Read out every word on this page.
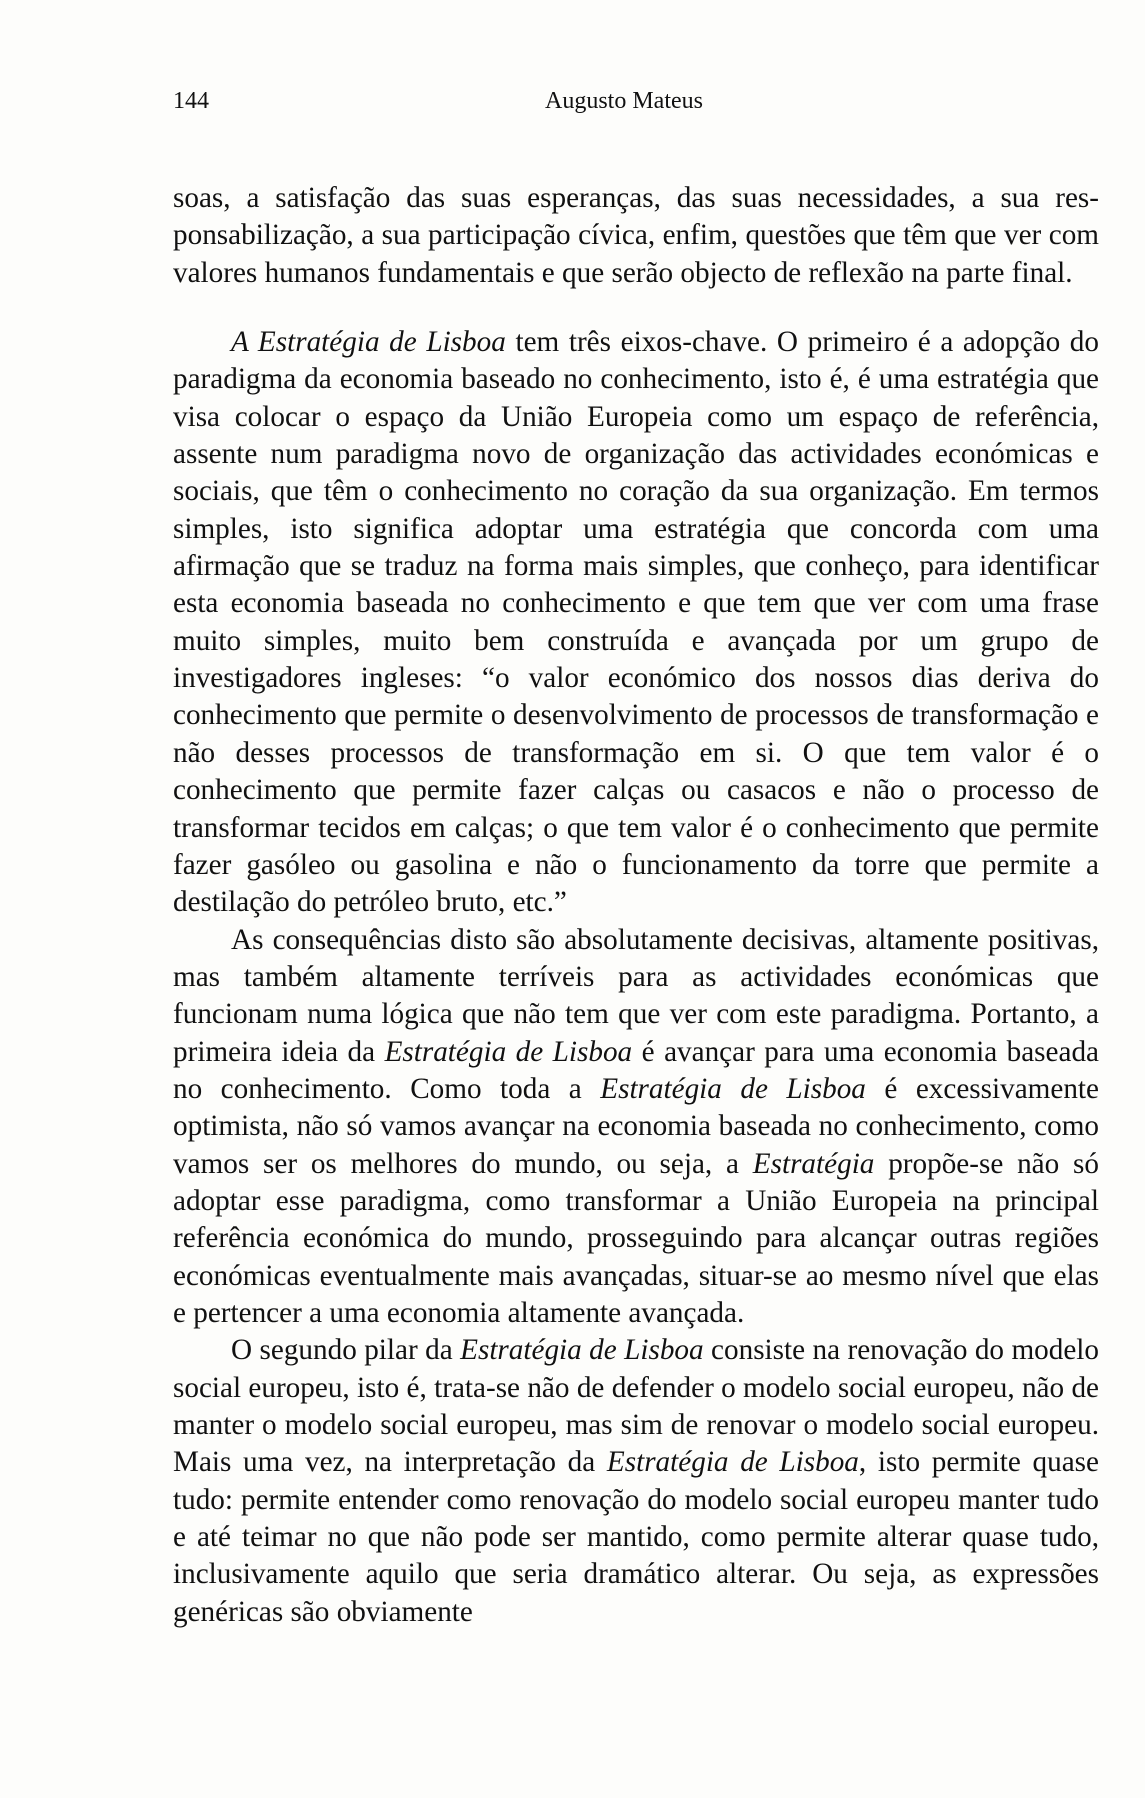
144	Augusto Mateus

soas, a satisfação das suas esperanças, das suas necessidades, a sua responsabilização, a sua participação cívica, enfim, questões que têm que ver com valores humanos fundamentais e que serão objecto de reflexão na parte final.

A Estratégia de Lisboa tem três eixos-chave. O primeiro é a adopção do paradigma da economia baseado no conhecimento, isto é, é uma estratégia que visa colocar o espaço da União Europeia como um espaço de referência, assente num paradigma novo de organização das actividades económicas e sociais, que têm o conhecimento no coração da sua organização. Em termos simples, isto significa adoptar uma estratégia que concorda com uma afirmação que se traduz na forma mais simples, que conheço, para identificar esta economia baseada no conhecimento e que tem que ver com uma frase muito simples, muito bem construída e avançada por um grupo de investigadores ingleses: “o valor económico dos nossos dias deriva do conhecimento que permite o desenvolvimento de processos de transformação e não desses processos de transformação em si. O que tem valor é o conhecimento que permite fazer calças ou casacos e não o processo de transformar tecidos em calças; o que tem valor é o conhecimento que permite fazer gasóleo ou gasolina e não o funcionamento da torre que permite a destilação do petróleo bruto, etc.”

As consequências disto são absolutamente decisivas, altamente positivas, mas também altamente terríveis para as actividades económicas que funcionam numa lógica que não tem que ver com este paradigma. Portanto, a primeira ideia da Estratégia de Lisboa é avançar para uma economia baseada no conhecimento. Como toda a Estratégia de Lisboa é excessivamente optimista, não só vamos avançar na economia baseada no conhecimento, como vamos ser os melhores do mundo, ou seja, a Estratégia propõe-se não só adoptar esse paradigma, como transformar a União Europeia na principal referência económica do mundo, prosseguindo para alcançar outras regiões económicas eventualmente mais avançadas, situar-se ao mesmo nível que elas e pertencer a uma economia altamente avançada.

O segundo pilar da Estratégia de Lisboa consiste na renovação do modelo social europeu, isto é, trata-se não de defender o modelo social europeu, não de manter o modelo social europeu, mas sim de renovar o modelo social europeu. Mais uma vez, na interpretação da Estratégia de Lisboa, isto permite quase tudo: permite entender como renovação do modelo social europeu manter tudo e até teimar no que não pode ser mantido, como permite alterar quase tudo, inclusivamente aquilo que seria dramático alterar. Ou seja, as expressões genéricas são obviamente
